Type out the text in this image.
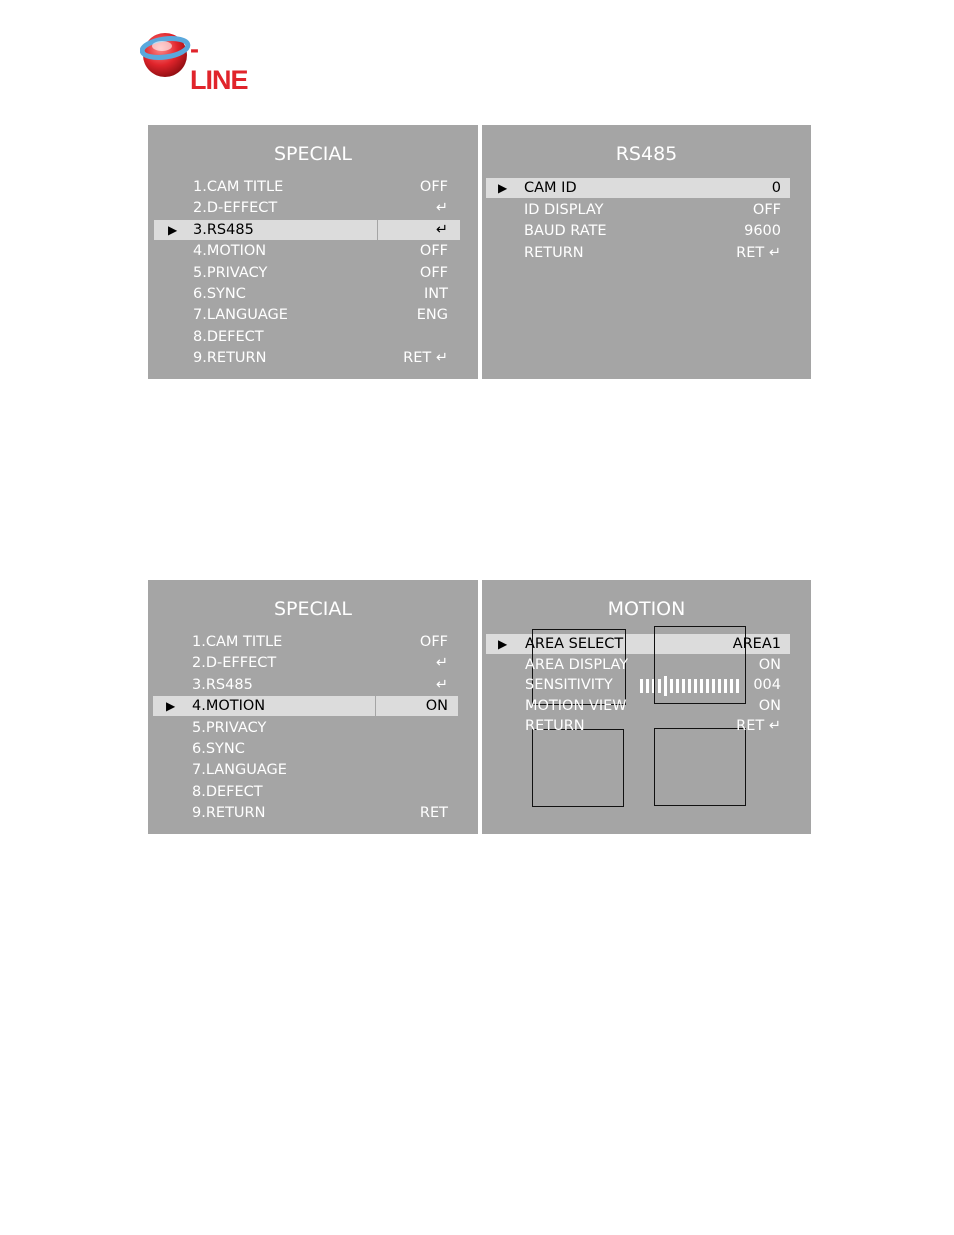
-LINE
SPECIAL
1.CAM TITLE	OFF
2.D-EFFECT	↵
▶ 3.RS485	↵
4.MOTION	OFF
5.PRIVACY	OFF
6.SYNC	INT
7.LANGUAGE	ENG
8.DEFECT
9.RETURN	RET ↵
RS485
▶ CAM ID	0
ID DISPLAY	OFF
BAUD RATE	9600
RETURN	RET ↵
SPECIAL
1.CAM TITLE	OFF
2.D-EFFECT	↵
3.RS485	↵
▶ 4.MOTION	ON
5.PRIVACY
6.SYNC
7.LANGUAGE
8.DEFECT
9.RETURN	RET
MOTION
▶ AREA SELECT	AREA1
AREA DISPLAY	ON
SENSITIVITY	004
MOTION VIEW	ON
RETURN	RET ↵
